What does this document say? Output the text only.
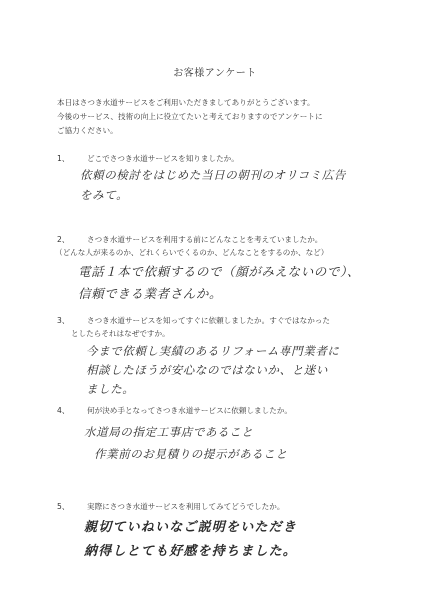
お客様アンケート
本日はさつき水道サービスをご利用いただきましてありがとうございます。
今後のサービス、技術の向上に役立てたいと考えておりますのでアンケートに
ご協力ください。
1、 どこでさつき水道サービスを知りましたか。
依頼の検討をはじめた当日の朝刊のオリコミ広告
をみて。
2、 さつき水道サービスを利用する前にどんなことを考えていましたか。
（どんな人が来るのか、どれくらいでくるのか、どんなことをするのか、など）
電話１本で依頼するので（顔がみえないので）、
信頼できる業者さんか。
3、 さつき水道サービスを知ってすぐに依頼しましたか。すぐではなかった
としたらそれはなぜですか。
今まで依頼し実績のあるリフォーム専門業者に
相談したほうが安心なのではないか、と迷い
ました。
4、 何が決め手となってさつき水道サービスに依頼しましたか。
水道局の指定工事店であること
作業前のお見積りの提示があること
5、 実際にさつき水道サービスを利用してみてどうでしたか。
親切ていねいなご説明をいただき
納得しとても好感を持ちました。
